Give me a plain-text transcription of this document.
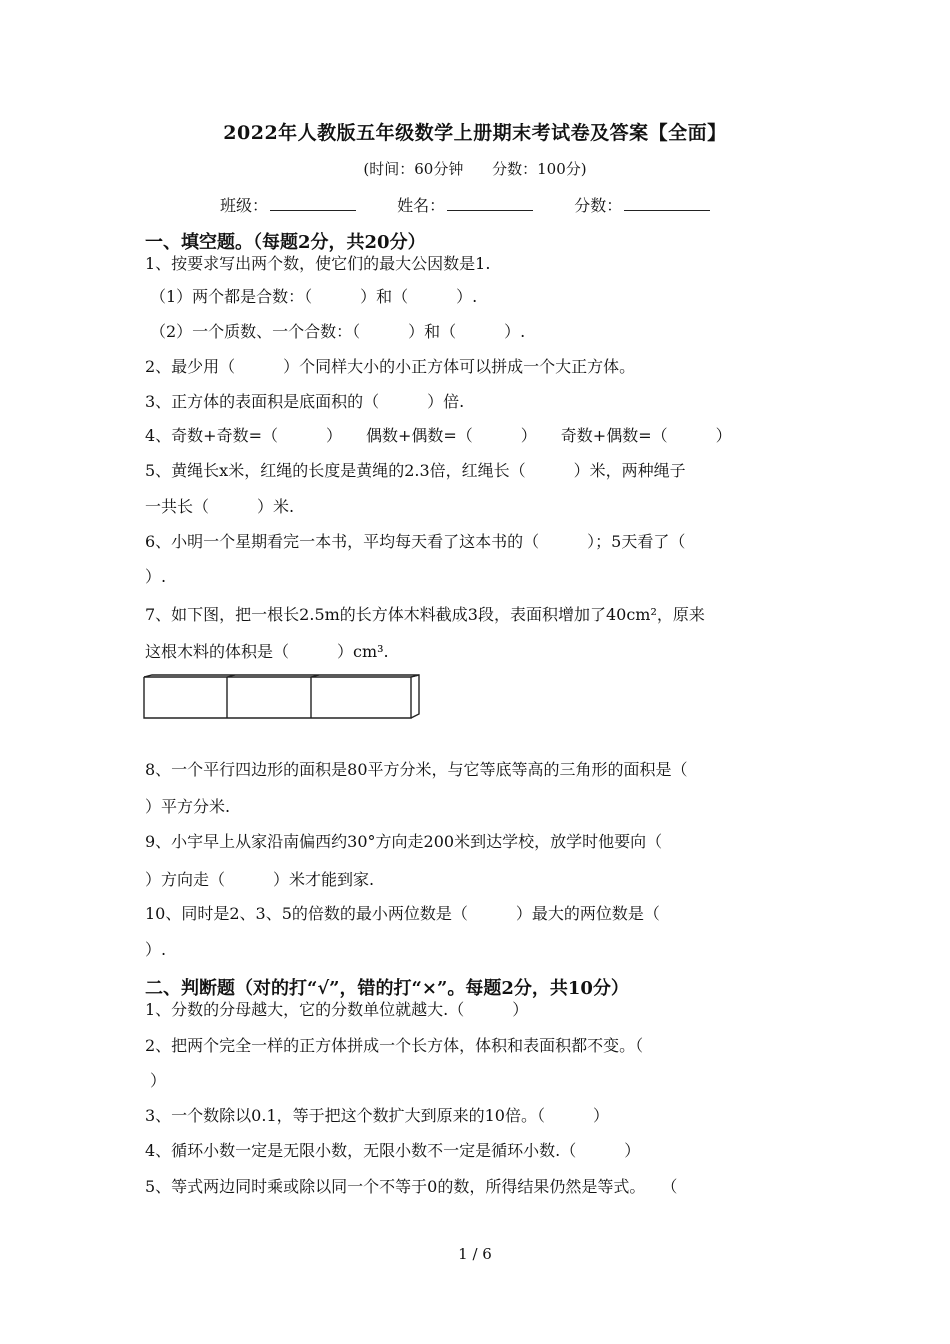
2022年人教版五年级数学上册期末考试卷及答案【全面】
(时间：60分钟 分数：100分)
班级：	姓名：	分数：
一、填空题。（每题2分，共20分）
1、按要求写出两个数，使它们的最大公因数是1.
（1）两个都是合数：（　　　）和（　　　）.
（2）一个质数、一个合数：（　　　）和（　　　）.
2、最少用（　　　）个同样大小的小正方体可以拼成一个大正方体。
3、正方体的表面积是底面积的（　　　）倍.
4、奇数+奇数=（　　　）　　偶数+偶数=（　　　）　　奇数+偶数=（　　　）
5、黄绳长x米，红绳的长度是黄绳的2.3倍，红绳长（　　　）米，两种绳子
一共长（　　　）米.
6、小明一个星期看完一本书，平均每天看了这本书的（　　　）；5天看了（
）.
7、如下图，把一根长2.5m的长方体木料截成3段，表面积增加了40cm²，原来
这根木料的体积是（　　　）cm³.
8、一个平行四边形的面积是80平方分米，与它等底等高的三角形的面积是（
）平方分米.
9、小宇早上从家沿南偏西约30°方向走200米到达学校，放学时他要向（
）方向走（　　　）米才能到家.
10、同时是2、3、5的倍数的最小两位数是（　　　）最大的两位数是（
）.
二、判断题（对的打“√”，错的打“×”。每题2分，共10分）
1、分数的分母越大，它的分数单位就越大.（　　　）
2、把两个完全一样的正方体拼成一个长方体，体积和表面积都不变。（
）
3、一个数除以0.1，等于把这个数扩大到原来的10倍。（　　　）
4、循环小数一定是无限小数，无限小数不一定是循环小数.（　　　）
5、等式两边同时乘或除以同一个不等于0的数，所得结果仍然是等式。　　（
1 / 6
